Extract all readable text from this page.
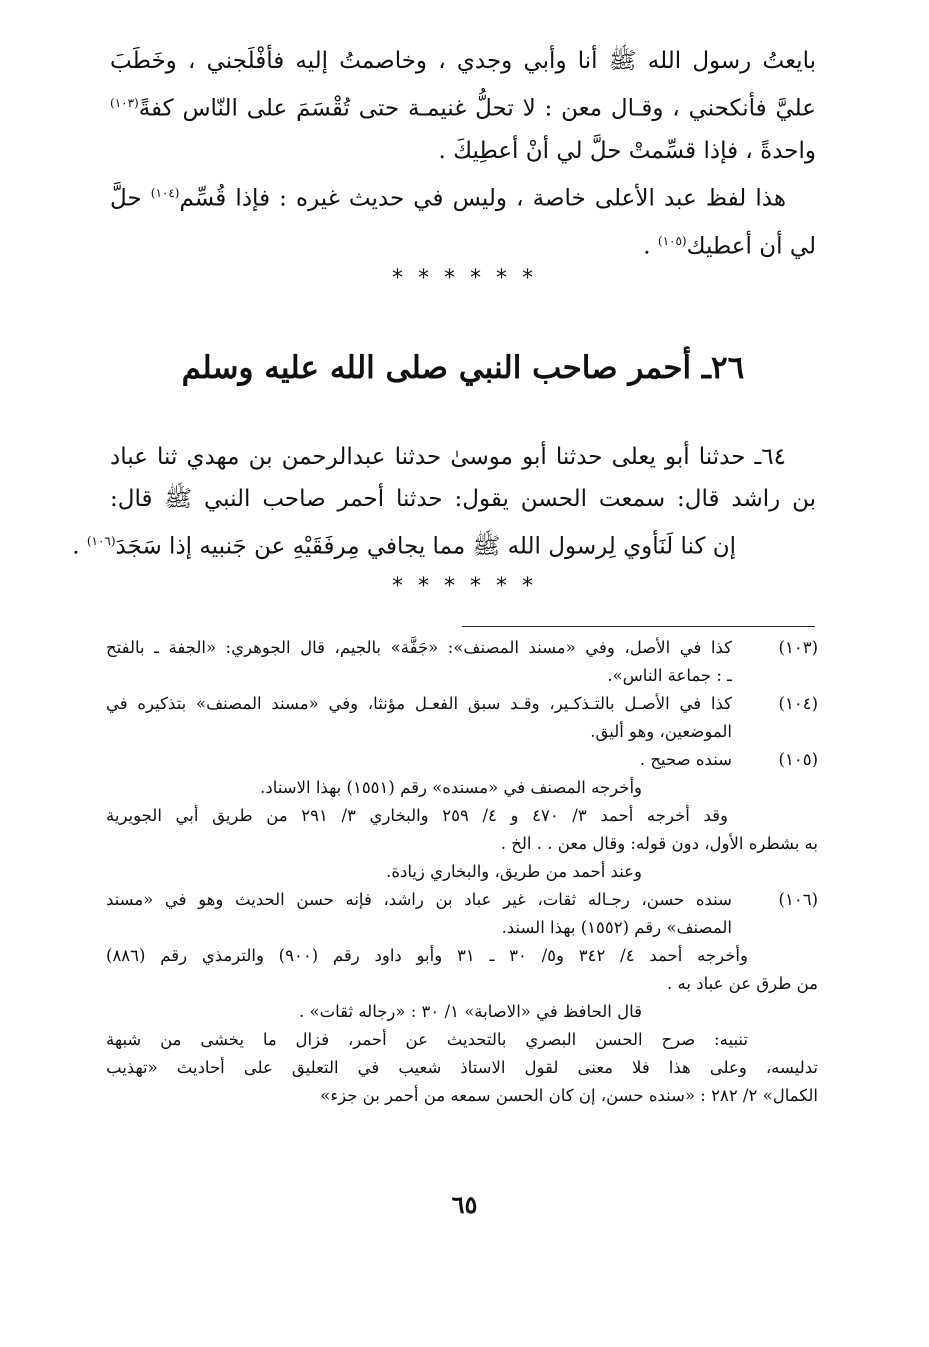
بايعتُ رسول الله ﷺ أنا وأبي وجدي ، وخاصمتُ إليه فأفْلَجني ، وخَطَبَ
عليَّ فأنكحني ، وقـال معن : لا تحلُّ غنيمـة حتى تُقْسَمَ على النّاس كفةً$^{(١٠٣)}$
واحدةً ، فإذا قسِّمتْ حلَّ لي أنْ أعطِيكَ .
هذا لفظ عبد الأعلى خاصة ، وليس في حديث غيره : فإذا قُسِّم$^{(١٠٤)}$ حلَّ
لي أن أعطيك$^{(١٠٥)}$ .
* * * * * *
٢٦ـ أحمر صاحب النبي صلى الله عليه وسلم
٦٤ـ حدثنا أبو يعلى حدثنا أبو موسىٰ حدثنا عبدالرحمن بن مهدي ثنا عباد
بن راشد قال: سمعت الحسن يقول: حدثنا أحمر صاحب النبي ﷺ قال:
إن كنا لَنَأوي لِرسول الله ﷺ مما يجافي مِرفَقَيْهِ عن جَنبيه إذا سَجَدَ$^{(١٠٦)}$ .
* * * * * *
(١٠٣)
كذا في الأصل، وفي «مسند المصنف»: «جَفَّة» بالجيم، قال الجوهري: «الجفة ـ بالفتح
ـ : جماعة الناس».
(١٠٤)
كذا في الأصـل بالتـذكـير، وقـد سبق الفعـل مؤنثا، وفي «مسند المصنف» بتذكيره في
الموضعين، وهو أليق.
(١٠٥)
سنده صحيح .
وأخرجه المصنف في «مسنده» رقم (١٥٥١) بهذا الاسناد.
وقد أخرجه أحمد ٣/ ٤٧٠ و ٤/ ٢٥٩ والبخاري ٣/ ٢٩١ من طريق أبي الجويرية
به بشطره الأول، دون قوله: وقال معن . . الخ .
وعند أحمد من طريق، والبخاري زيادة.
(١٠٦)
سنده حسن، رجـاله ثقات، غير عباد بن راشد، فإنه حسن الحديث وهو في «مسند
المصنف» رقم (١٥٥٢) بهذا السند.
وأخرجه أحمد ٤/ ٣٤٢ و٥/ ٣٠ ـ ٣١ وأبو داود رقم (٩٠٠) والترمذي رقم (٨٨٦)
من طرق عن عباد به .
قال الحافظ في «الاصابة» ١/ ٣٠ : «رجاله ثقات» .
تنبيه: صرح الحسن البصري بالتحديث عن أحمر، فزال ما يخشى من شبهة
تدليسه، وعلى هذا فلا معنى لقول الاستاذ شعيب في التعليق على أحاديث «تهذيب
الكمال» ٢/ ٢٨٢ : «سنده حسن، إن كان الحسن سمعه من أحمر بن جزء»
٦٥
